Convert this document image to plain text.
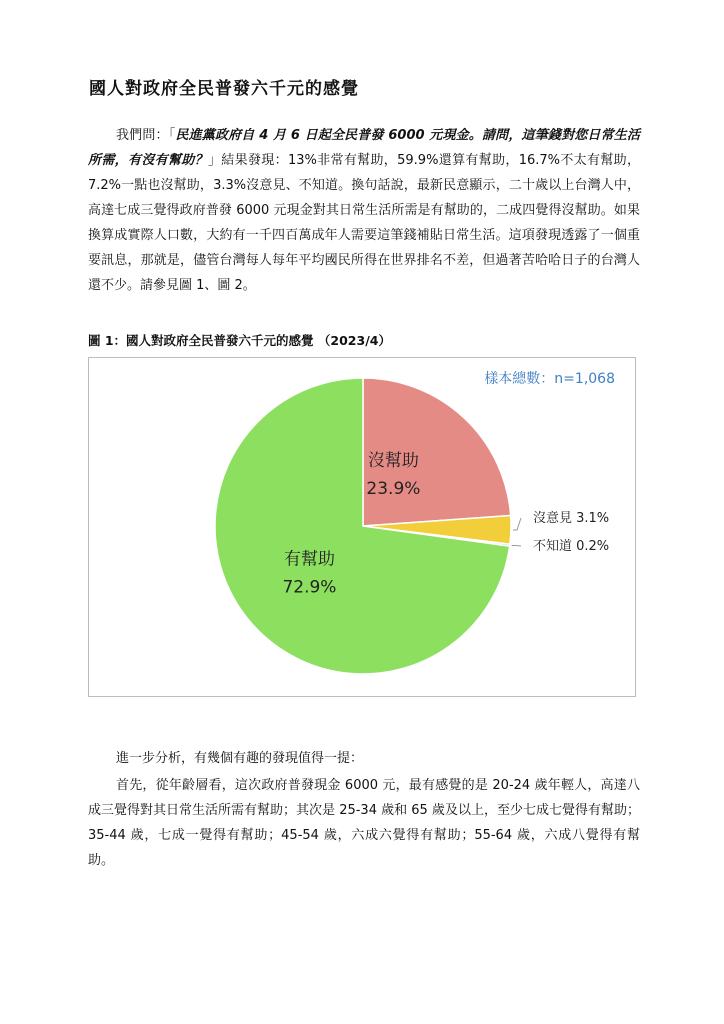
國人對政府全民普發六千元的感覺

我們問：「民進黨政府自 4 月 6 日起全民普發 6000 元現金。請問，這筆錢對您日常生活所需，有沒有幫助？」結果發現：13%非常有幫助，59.9%還算有幫助，16.7%不太有幫助，7.2%一點也沒幫助，3.3%沒意見、不知道。換句話說，最新民意顯示，二十歲以上台灣人中，高達七成三覺得政府普發 6000 元現金對其日常生活所需是有幫助的，二成四覺得沒幫助。如果換算成實際人口數，大約有一千四百萬成年人需要這筆錢補貼日常生活。這項發現透露了一個重要訊息，那就是，儘管台灣每人每年平均國民所得在世界排名不差，但過著苦哈哈日子的台灣人還不少。請參見圖 1、圖 2。

圖 1：國人對政府全民普發六千元的感覺 （2023/4）

沒幫助
23.9%
有幫助
72.9%
沒意見 3.1%
不知道 0.2%
樣本總數：n=1,068

進一步分析，有幾個有趣的發現值得一提：

首先，從年齡層看，這次政府普發現金 6000 元，最有感覺的是 20-24 歲年輕人，高達八成三覺得對其日常生活所需有幫助；其次是 25-34 歲和 65 歲及以上，至少七成七覺得有幫助；35-44 歲，七成一覺得有幫助；45-54 歲，六成六覺得有幫助；55-64 歲，六成八覺得有幫助。
